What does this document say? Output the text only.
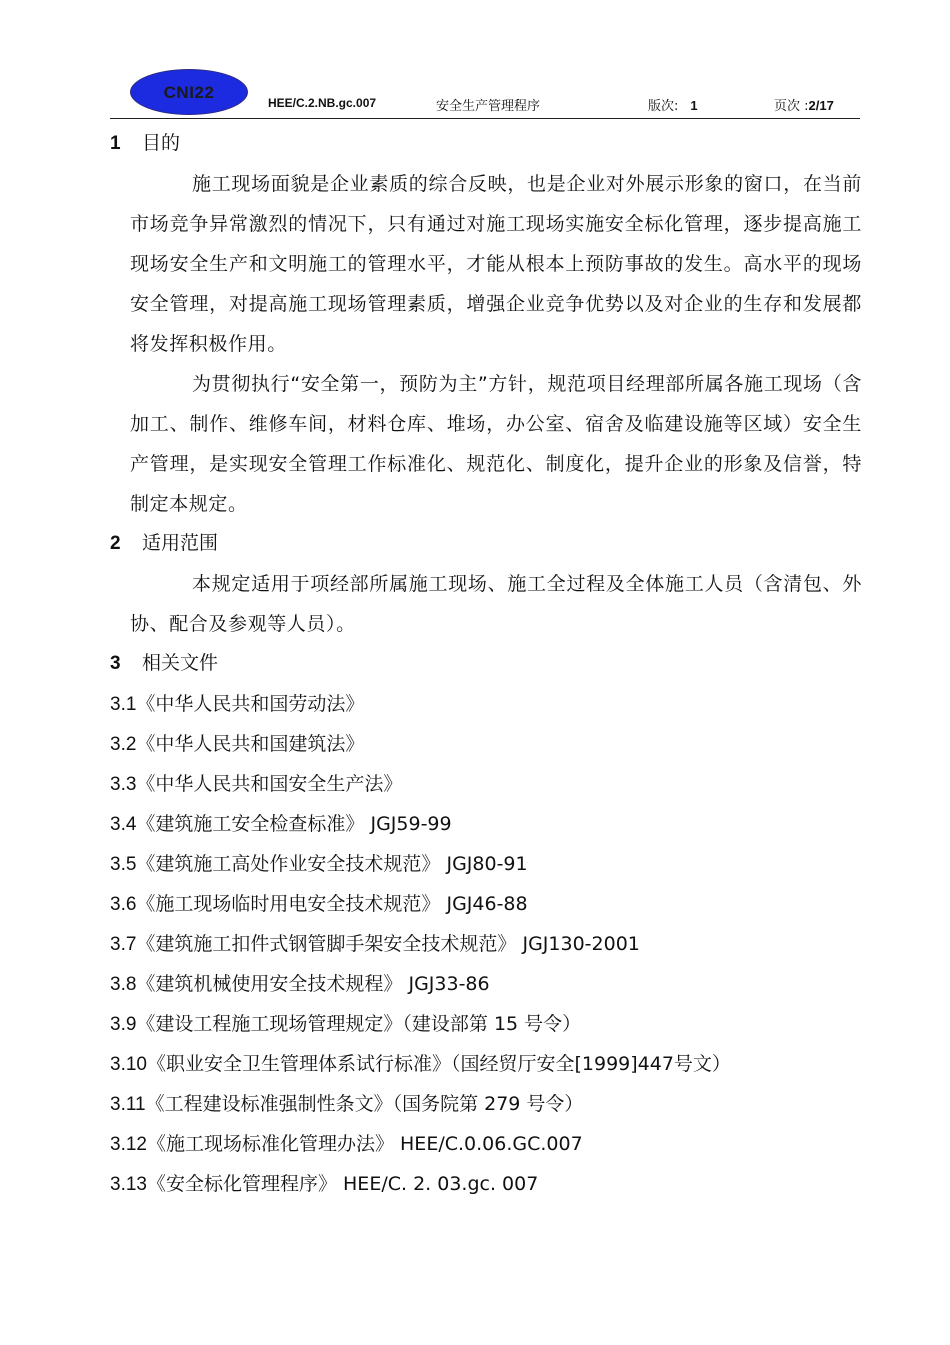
CNI22
HEE/C.2.NB.gc.007	安全生产管理程序	版次: 1	页次 :2/17
1 目的
施工现场面貌是企业素质的综合反映，也是企业对外展示形象的窗口，在当前市场竞争异常激烈的情况下，只有通过对施工现场实施安全标化管理，逐步提高施工现场安全生产和文明施工的管理水平，才能从根本上预防事故的发生。高水平的现场安全管理，对提高施工现场管理素质，增强企业竞争优势以及对企业的生存和发展都将发挥积极作用。
为贯彻执行“安全第一，预防为主”方针，规范项目经理部所属各施工现场（含加工、制作、维修车间，材料仓库、堆场，办公室、宿舍及临建设施等区域）安全生产管理，是实现安全管理工作标准化、规范化、制度化，提升企业的形象及信誉，特制定本规定。
2 适用范围
本规定适用于项经部所属施工现场、施工全过程及全体施工人员（含清包、外协、配合及参观等人员）。
3 相关文件
3.1《中华人民共和国劳动法》
3.2《中华人民共和国建筑法》
3.3《中华人民共和国安全生产法》
3.4《建筑施工安全检查标准》 JGJ59-99
3.5《建筑施工高处作业安全技术规范》 JGJ80-91
3.6《施工现场临时用电安全技术规范》 JGJ46-88
3.7《建筑施工扣件式钢管脚手架安全技术规范》 JGJ130-2001
3.8《建筑机械使用安全技术规程》 JGJ33-86
3.9《建设工程施工现场管理规定》（建设部第 15 号令）
3.10《职业安全卫生管理体系试行标准》（国经贸厅安全[1999]447号文）
3.11《工程建设标准强制性条文》（国务院第 279 号令）
3.12《施工现场标准化管理办法》 HEE/C.0.06.GC.007
3.13《安全标化管理程序》 HEE/C. 2. 03.gc. 007
